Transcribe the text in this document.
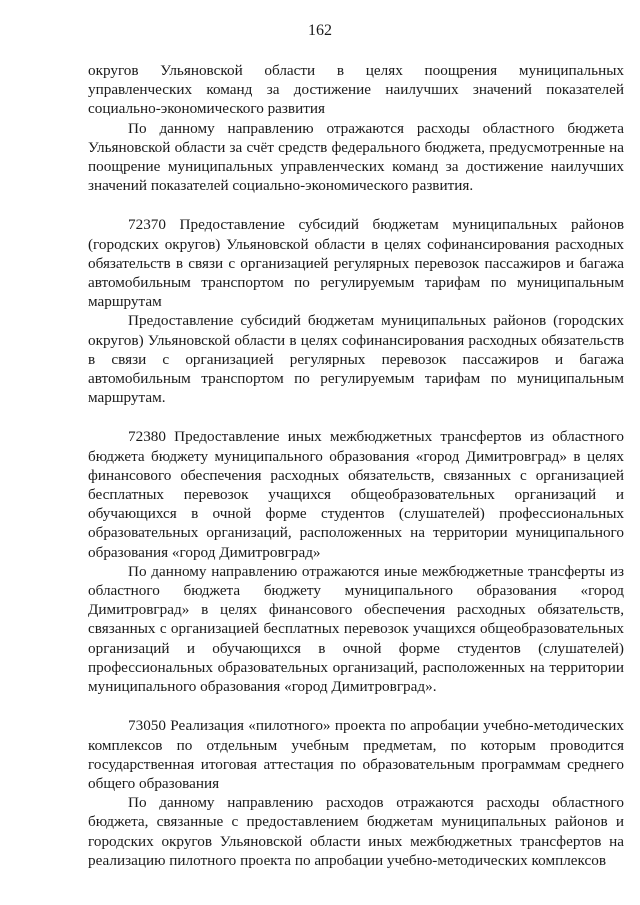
162

округов Ульяновской области в целях поощрения муниципальных управленческих команд за достижение наилучших значений показателей социально-экономического развития

По данному направлению отражаются расходы областного бюджета Ульяновской области за счёт средств федерального бюджета, предусмотренные на поощрение муниципальных управленческих команд за достижение наилучших значений показателей социально-экономического развития.

72370 Предоставление субсидий бюджетам муниципальных районов (городских округов) Ульяновской области в целях софинансирования расходных обязательств в связи с организацией регулярных перевозок пассажиров и багажа автомобильным транспортом по регулируемым тарифам по муниципальным маршрутам

Предоставление субсидий бюджетам муниципальных районов (городских округов) Ульяновской области в целях софинансирования расходных обязательств в связи с организацией регулярных перевозок пассажиров и багажа автомобильным транспортом по регулируемым тарифам по муниципальным маршрутам.

72380 Предоставление иных межбюджетных трансфертов из областного бюджета бюджету муниципального образования «город Димитровград» в целях финансового обеспечения расходных обязательств, связанных с организацией бесплатных перевозок учащихся общеобразовательных организаций и обучающихся в очной форме студентов (слушателей) профессиональных образовательных организаций, расположенных на территории муниципального образования «город Димитровград»

По данному направлению отражаются иные межбюджетные трансферты из областного бюджета бюджету муниципального образования «город Димитровград» в целях финансового обеспечения расходных обязательств, связанных с организацией бесплатных перевозок учащихся общеобразовательных организаций и обучающихся в очной форме студентов (слушателей) профессиональных образовательных организаций, расположенных на территории муниципального образования «город Димитровград».

73050 Реализация «пилотного» проекта по апробации учебно-методических комплексов по отдельным учебным предметам, по которым проводится государственная итоговая аттестация по образовательным программам среднего общего образования

По данному направлению расходов отражаются расходы областного бюджета, связанные с предоставлением бюджетам муниципальных районов и городских округов Ульяновской области иных межбюджетных трансфертов на реализацию пилотного проекта по апробации учебно-методических комплексов
